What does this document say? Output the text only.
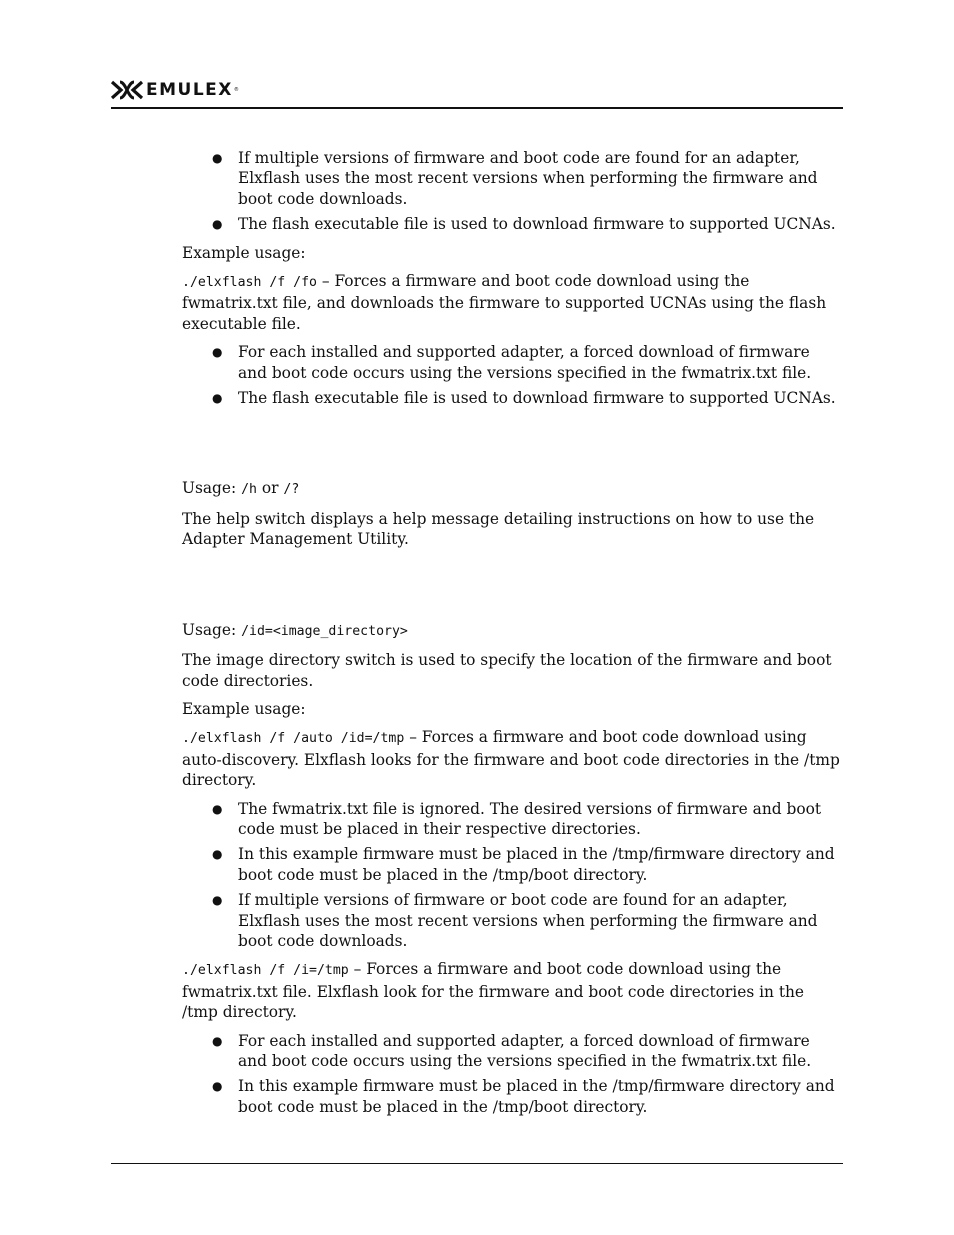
EMULEX ®
● If multiple versions of firmware and boot code are found for an adapter, Elxflash uses the most recent versions when performing the firmware and boot code downloads.
● The flash executable file is used to download firmware to supported UCNAs.

Example usage:

./elxflash /f /fo – Forces a firmware and boot code download using the fwmatrix.txt file, and downloads the firmware to supported UCNAs using the flash executable file.

● For each installed and supported adapter, a forced download of firmware and boot code occurs using the versions specified in the fwmatrix.txt file.
● The flash executable file is used to download firmware to supported UCNAs.

Usage: /h or /?

The help switch displays a help message detailing instructions on how to use the Adapter Management Utility.

Usage: /id=<image_directory>

The image directory switch is used to specify the location of the firmware and boot code directories.

Example usage:

./elxflash /f /auto /id=/tmp – Forces a firmware and boot code download using auto-discovery. Elxflash looks for the firmware and boot code directories in the /tmp directory.

● The fwmatrix.txt file is ignored. The desired versions of firmware and boot code must be placed in their respective directories.
● In this example firmware must be placed in the /tmp/firmware directory and boot code must be placed in the /tmp/boot directory.
● If multiple versions of firmware or boot code are found for an adapter, Elxflash uses the most recent versions when performing the firmware and boot code downloads.

./elxflash /f /i=/tmp – Forces a firmware and boot code download using the fwmatrix.txt file. Elxflash look for the firmware and boot code directories in the /tmp directory.

● For each installed and supported adapter, a forced download of firmware and boot code occurs using the versions specified in the fwmatrix.txt file.
● In this example firmware must be placed in the /tmp/firmware directory and boot code must be placed in the /tmp/boot directory.
